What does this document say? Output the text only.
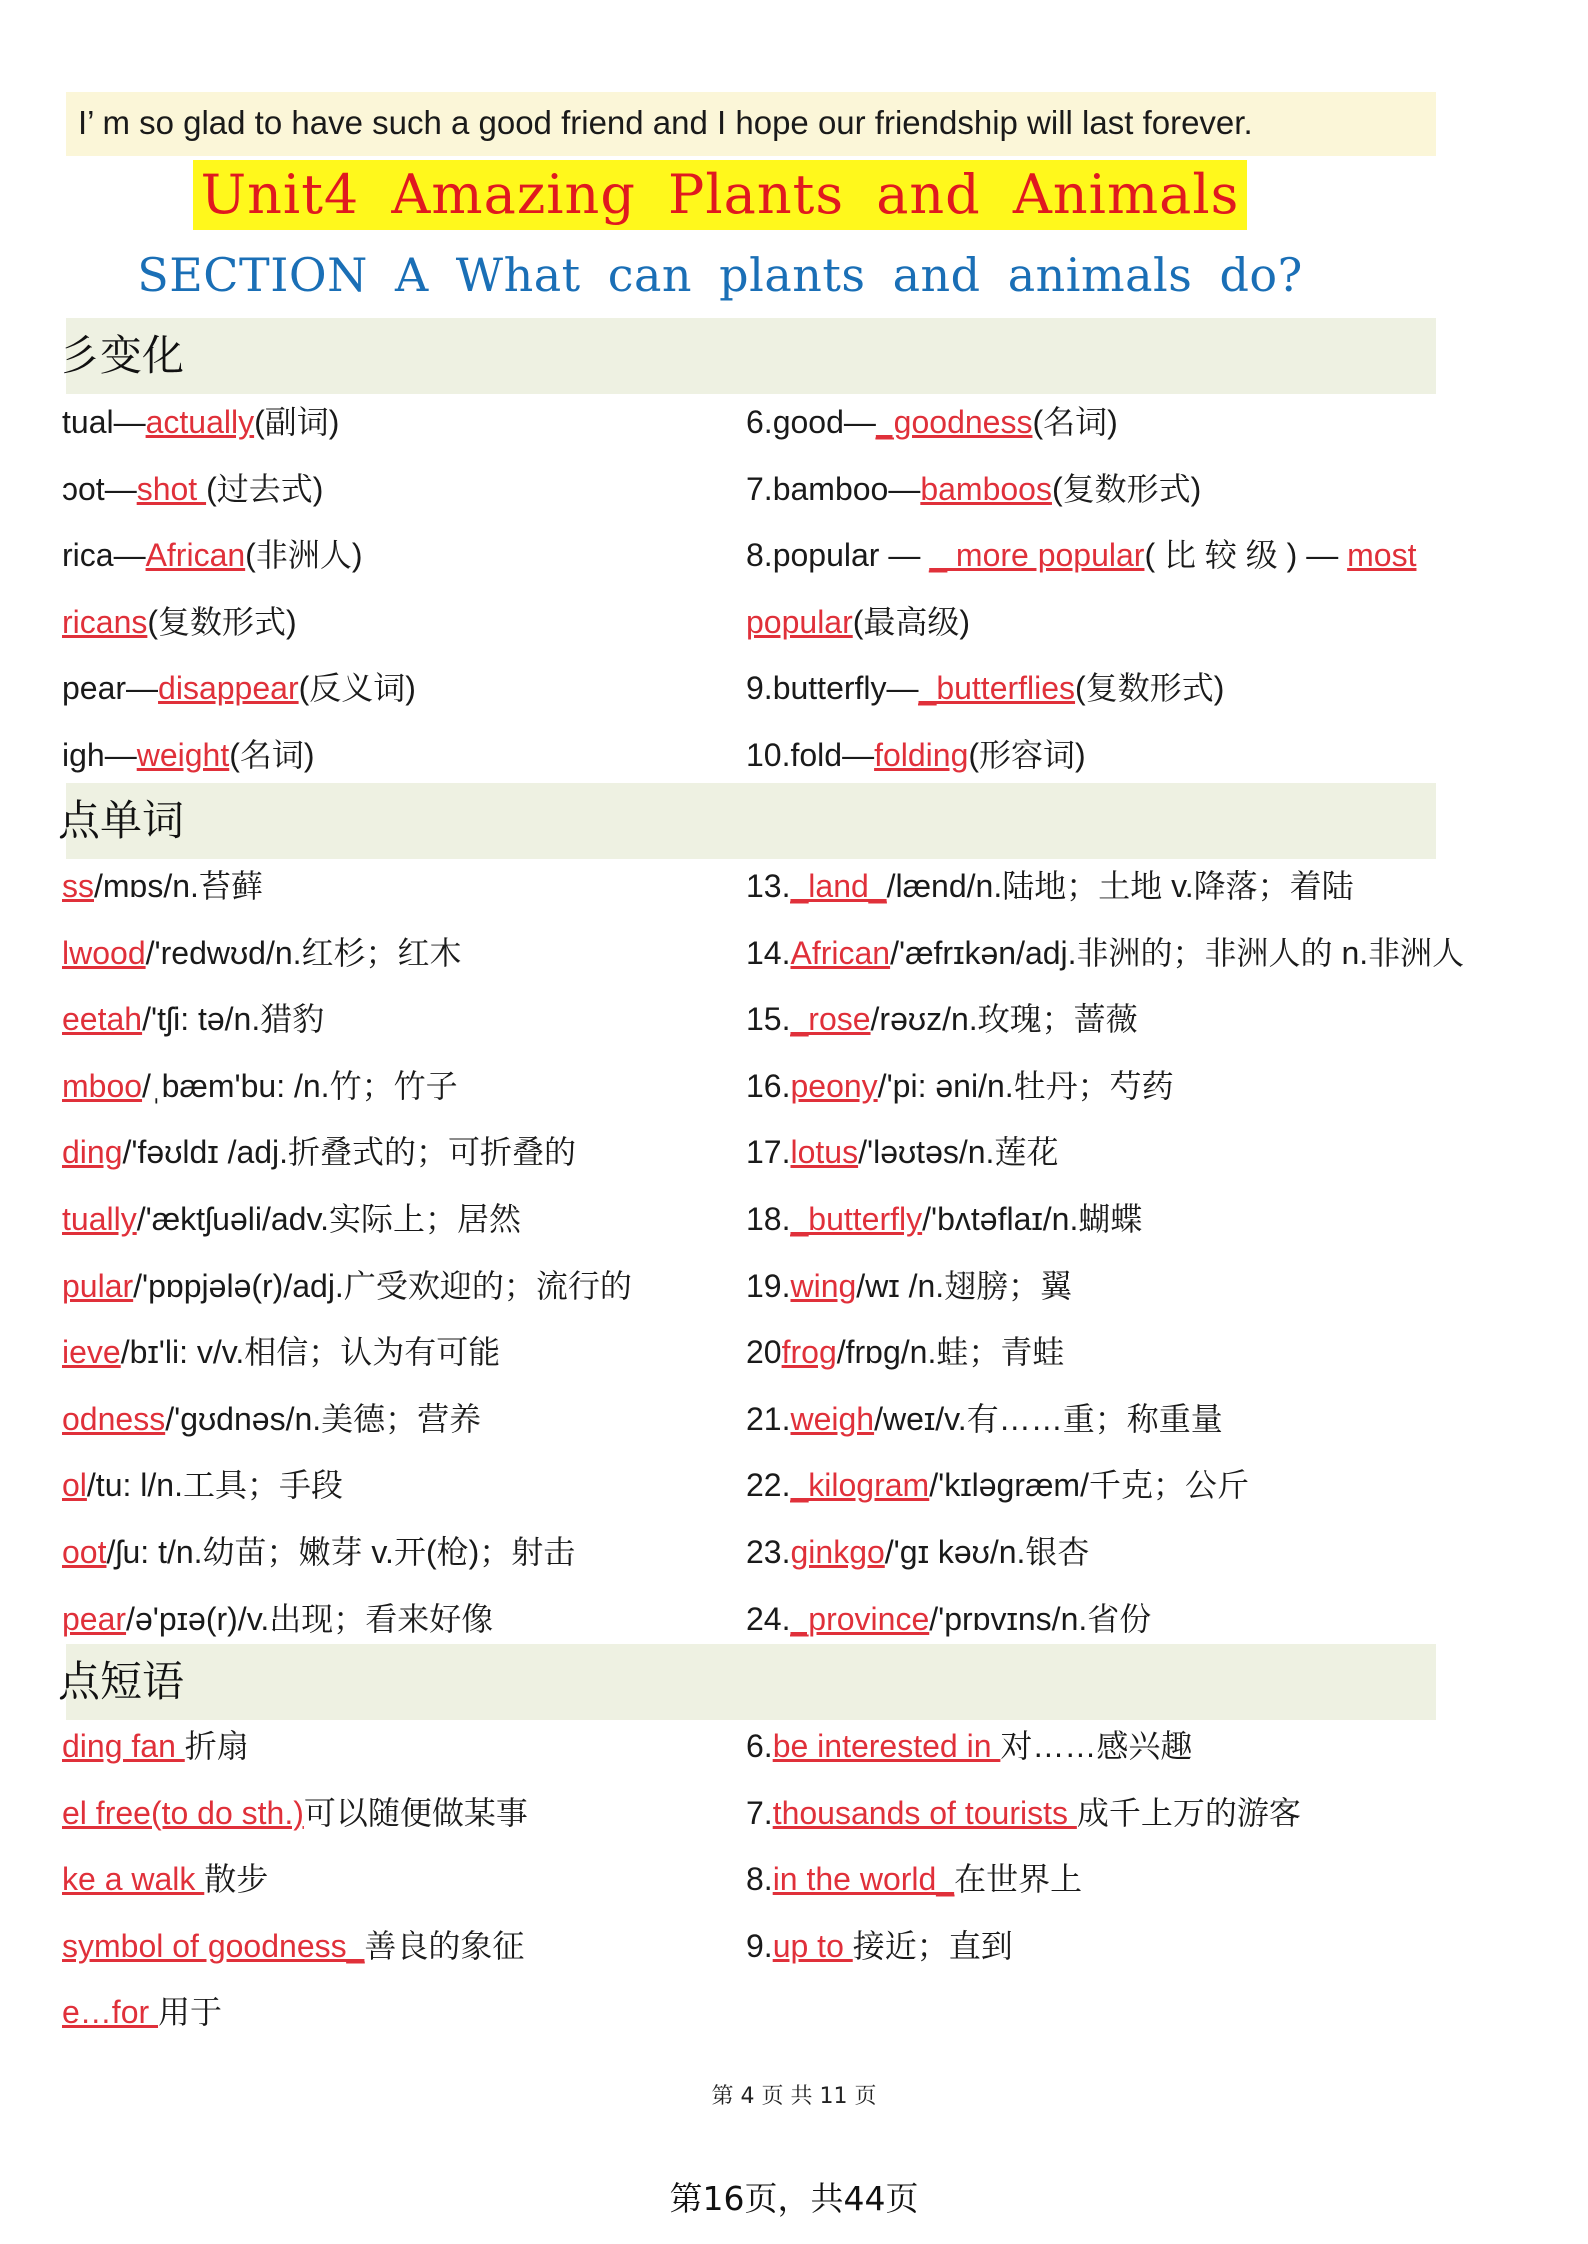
I’ m so glad to have such a good friend and I hope our friendship will last forever.
Unit4 Amazing Plants and Animals
SECTION A What can plants and animals do?
彡变化
tual—actually(副词)
ɔot—shot (过去式)
rica—African(非洲人)
ricans(复数形式)
pear—disappear(反义词)
igh—weight(名词)
6.good—_goodness(名词)
7.bamboo—bamboos(复数形式)
8.popular — _ more popular( 比 较 级 ) — most
popular(最高级)
9.butterfly—_butterflies(复数形式)
10.fold—folding(形容词)
点单词
ss/mɒs/n.苔藓
lwood/'redwʊd/n.红杉；红木
eetah/'tʃi: tə/n.猎豹
mboo/ˌbæm'bu: /n.竹；竹子
ding/'fəʊldɪ /adj.折叠式的；可折叠的
tually/'æktʃuəli/adv.实际上；居然
pular/'pɒpjələ(r)/adj.广受欢迎的；流行的
ieve/bɪ'li: v/v.相信；认为有可能
odness/'gʊdnəs/n.美德；营养
ol/tu: l/n.工具；手段
oot/ʃu: t/n.幼苗；嫩芽 v.开(枪)；射击
pear/ə'pɪə(r)/v.出现；看来好像
13._land_/lænd/n.陆地；土地 v.降落；着陆
14.African/'æfrɪkən/adj.非洲的；非洲人的 n.非洲人
15._rose/rəʊz/n.玫瑰；蔷薇
16.peony/'pi: əni/n.牡丹；芍药
17.lotus/'ləʊtəs/n.莲花
18._butterfly/'bʌtəflaɪ/n.蝴蝶
19.wing/wɪ /n.翅膀；翼
20frog/frɒg/n.蛙；青蛙
21.weigh/weɪ/v.有……重；称重量
22._kilogram/'kɪləgræm/千克；公斤
23.ginkgo/'gɪ kəʊ/n.银杏
24._province/'prɒvɪns/n.省份
点短语
ding fan 折扇
el free(to do sth.)可以随便做某事
ke a walk 散步
symbol of goodness_善良的象征
e…for 用于
6.be interested in 对……感兴趣
7.thousands of tourists 成千上万的游客
8.in the world_在世界上
9.up to 接近；直到
第 4 页 共 11 页
第16页，共44页
